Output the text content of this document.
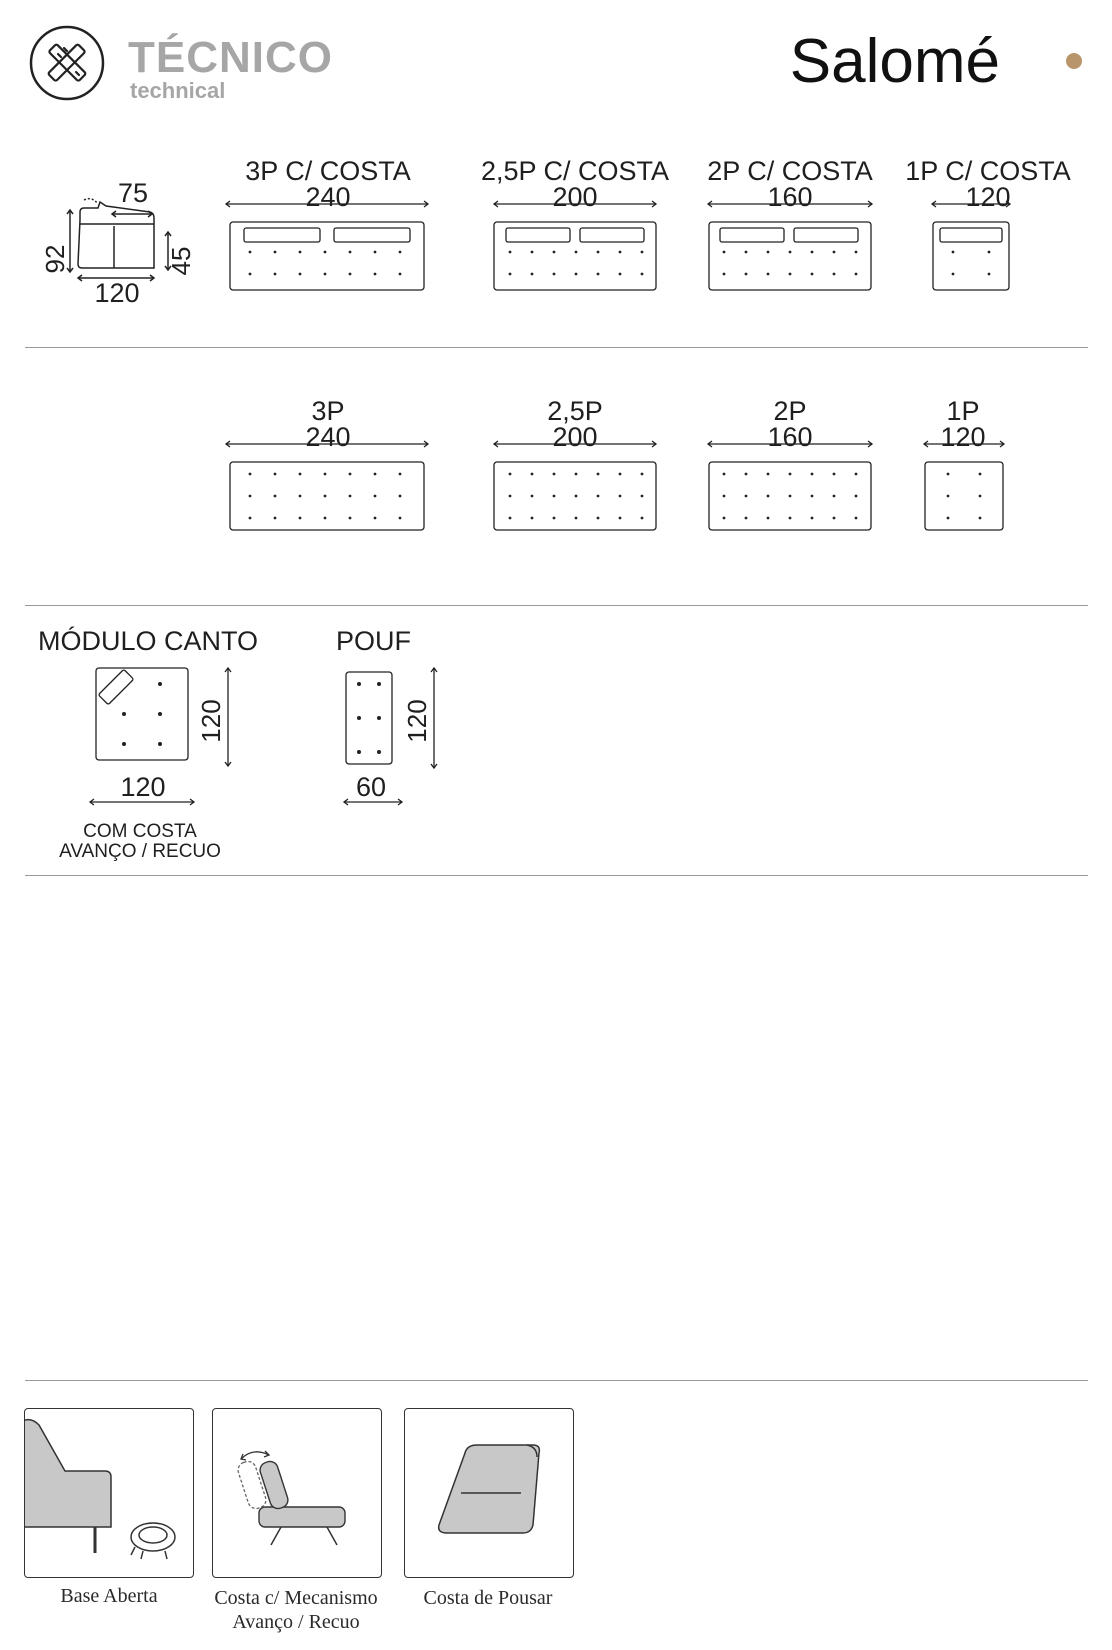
TÉCNICO
technical	Salomé
75
92	45
120
3P C/ COSTA
240
2,5P C/ COSTA
200
2P C/ COSTA
160
1P C/ COSTA
120
3P
240
2,5P
200
2P
160
1P
120
MÓDULO CANTO
120
120
COM COSTA
AVANÇO / RECUO
POUF
120
60
Base Aberta	Costa c/ Mecanismo
Avanço / Recuo
Costa de Pousar
